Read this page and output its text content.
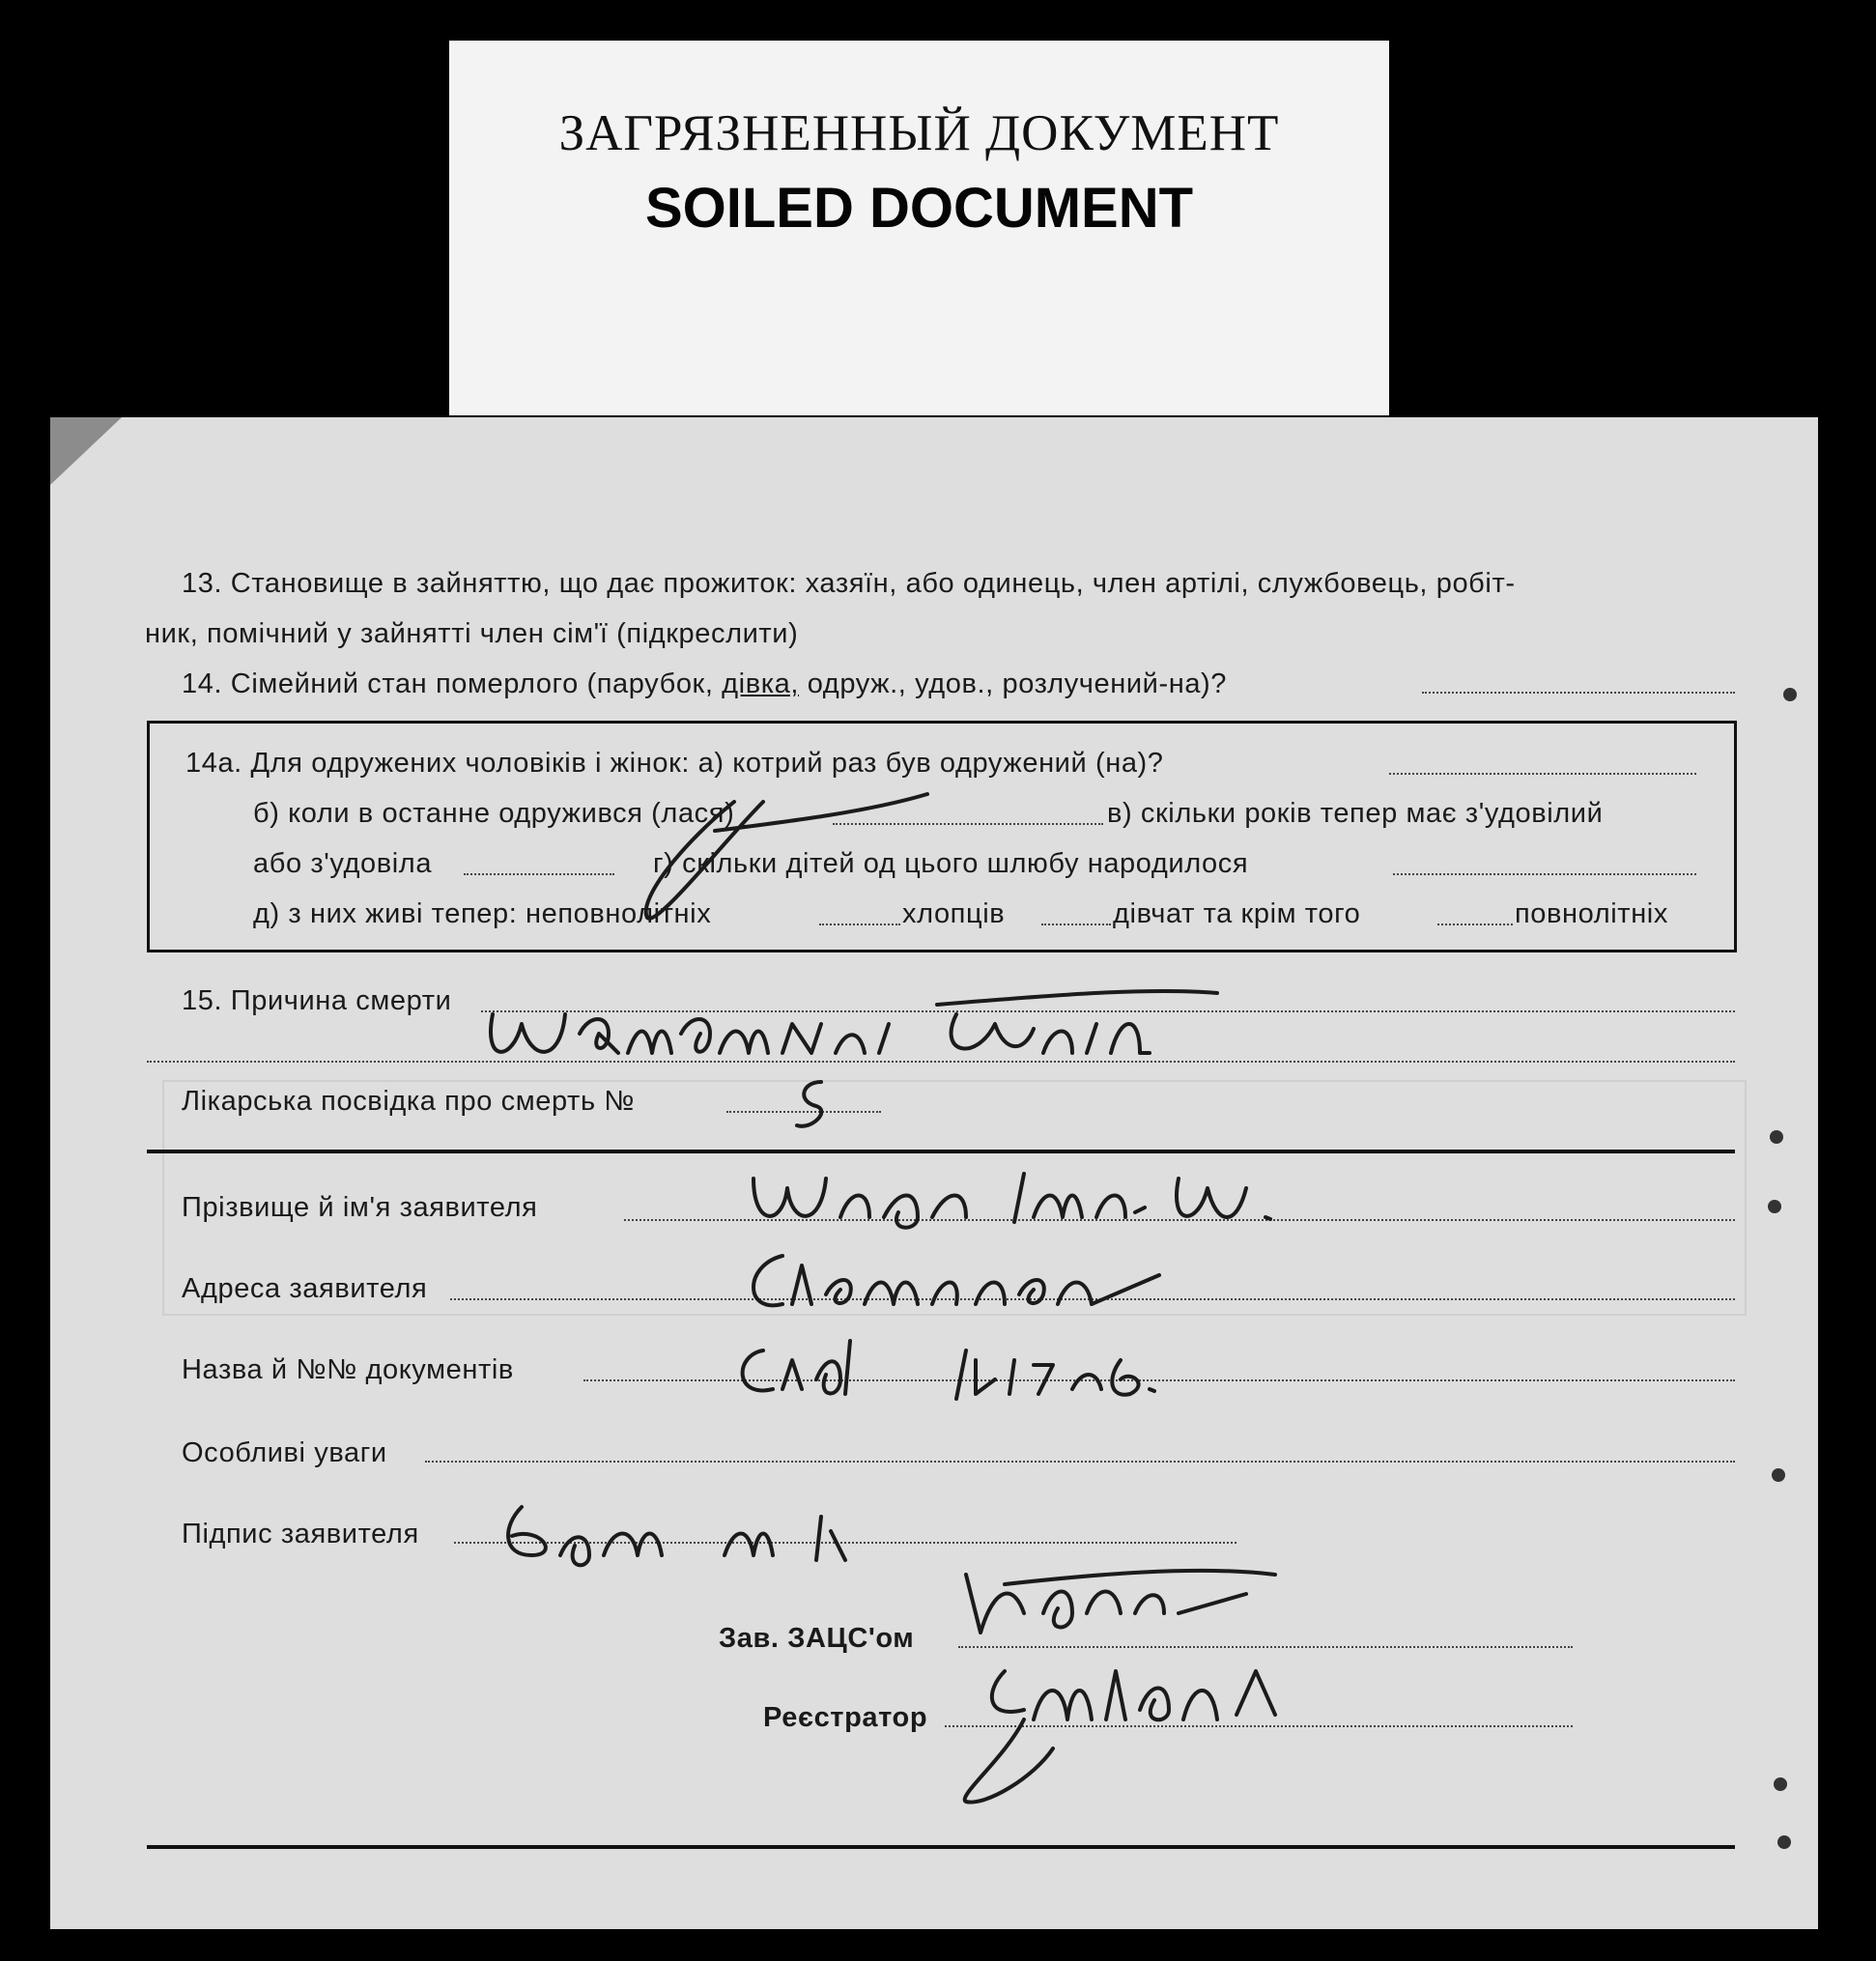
ЗАГРЯЗНЕННЫЙ ДОКУМЕНТ
SOILED DOCUMENT
13. Становище в зайняттю, що дає прожиток: хазяїн, або одинець, член артілі, службовець, робіт-
ник, помічний у зайнятті член сім'ї (підкреслити)
14. Сімейний стан померлого (парубок, дівка, одруж., удов., розлучений-на)?
14а. Для одружених чоловіків і жінок: а) котрий раз був одружений (на)?
б) коли в останне одружився (лася)	в) скільки років тепер має з'удовілий
або з'удовіла	г) скільки дітей од цього шлюбу народилося
д) з них живі тепер: неповнолітніх	хлопців	дівчат та крім того	повнолітніх
15. Причина смерти
Лікарська посвідка про смерть №
Прізвище й ім'я заявителя
Адреса заявителя
Назва й №№ документів
Особливі уваги
Підпис заявителя
Зав. ЗАЦС'ом
Реєстратор
